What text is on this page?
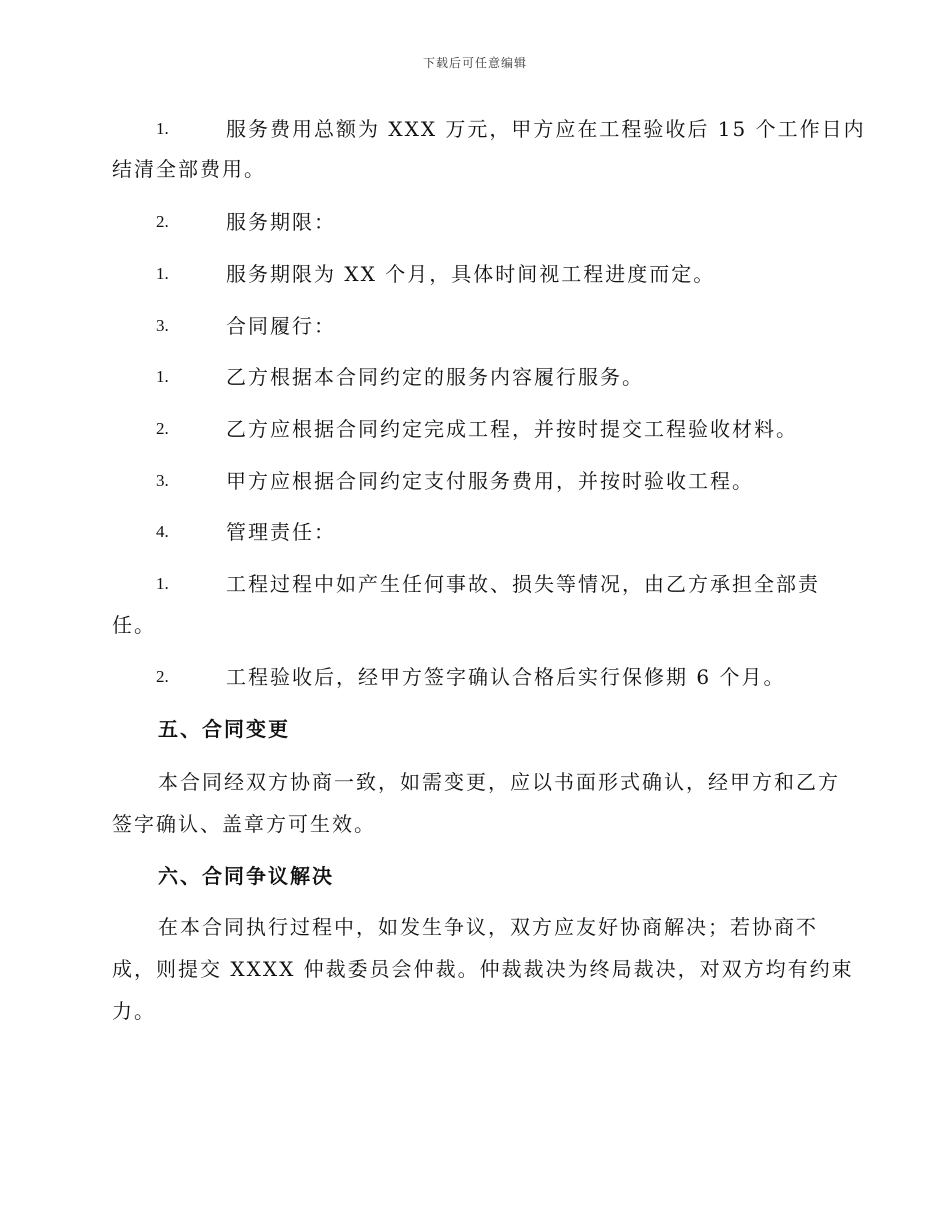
下载后可任意编辑
1.	服务费用总额为 XXX 万元，甲方应在工程验收后 15 个工作日内
结清全部费用。
2.	服务期限：
1.	服务期限为 XX 个月，具体时间视工程进度而定。
3.	合同履行：
1.	乙方根据本合同约定的服务内容履行服务。
2.	乙方应根据合同约定完成工程，并按时提交工程验收材料。
3.	甲方应根据合同约定支付服务费用，并按时验收工程。
4.	管理责任：
1.	工程过程中如产生任何事故、损失等情况，由乙方承担全部责
任。
2.	工程验收后，经甲方签字确认合格后实行保修期 6 个月。
五、合同变更
本合同经双方协商一致，如需变更，应以书面形式确认，经甲方和乙方
签字确认、盖章方可生效。
六、合同争议解决
在本合同执行过程中，如发生争议，双方应友好协商解决；若协商不
成，则提交 XXXX 仲裁委员会仲裁。仲裁裁决为终局裁决，对双方均有约束
力。
